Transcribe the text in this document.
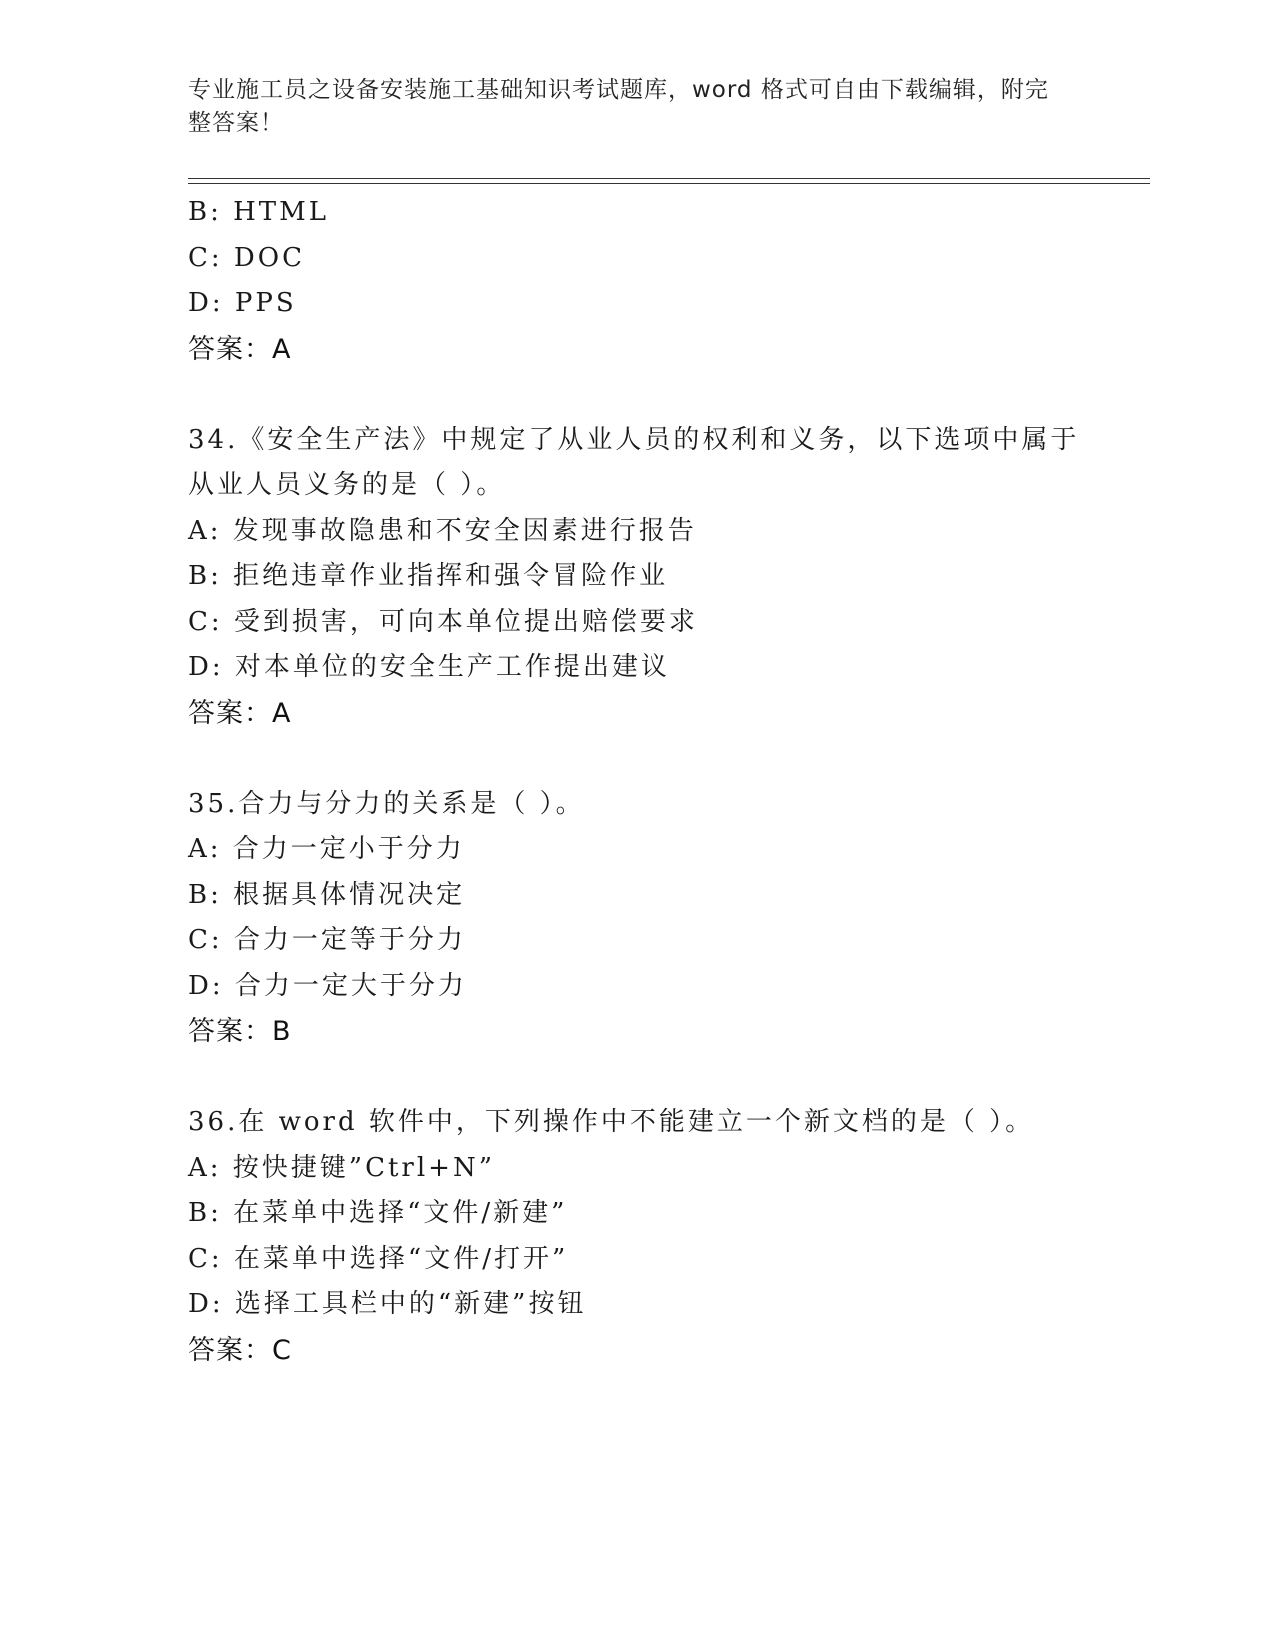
专业施工员之设备安装施工基础知识考试题库，word 格式可自由下载编辑，附完
整答案！
B: HTML
C: DOC
D: PPS
答案：A
34.《安全生产法》中规定了从业人员的权利和义务，以下选项中属于
从业人员义务的是（ ）。
A: 发现事故隐患和不安全因素进行报告
B: 拒绝违章作业指挥和强令冒险作业
C: 受到损害，可向本单位提出赔偿要求
D: 对本单位的安全生产工作提出建议
答案：A
35.合力与分力的关系是（ ）。
A: 合力一定小于分力
B: 根据具体情况决定
C: 合力一定等于分力
D: 合力一定大于分力
答案：B
36.在 word 软件中，下列操作中不能建立一个新文档的是（ ）。
A: 按快捷键”Ctrl+N”
B: 在菜单中选择“文件/新建”
C: 在菜单中选择“文件/打开”
D: 选择工具栏中的“新建”按钮
答案：C
